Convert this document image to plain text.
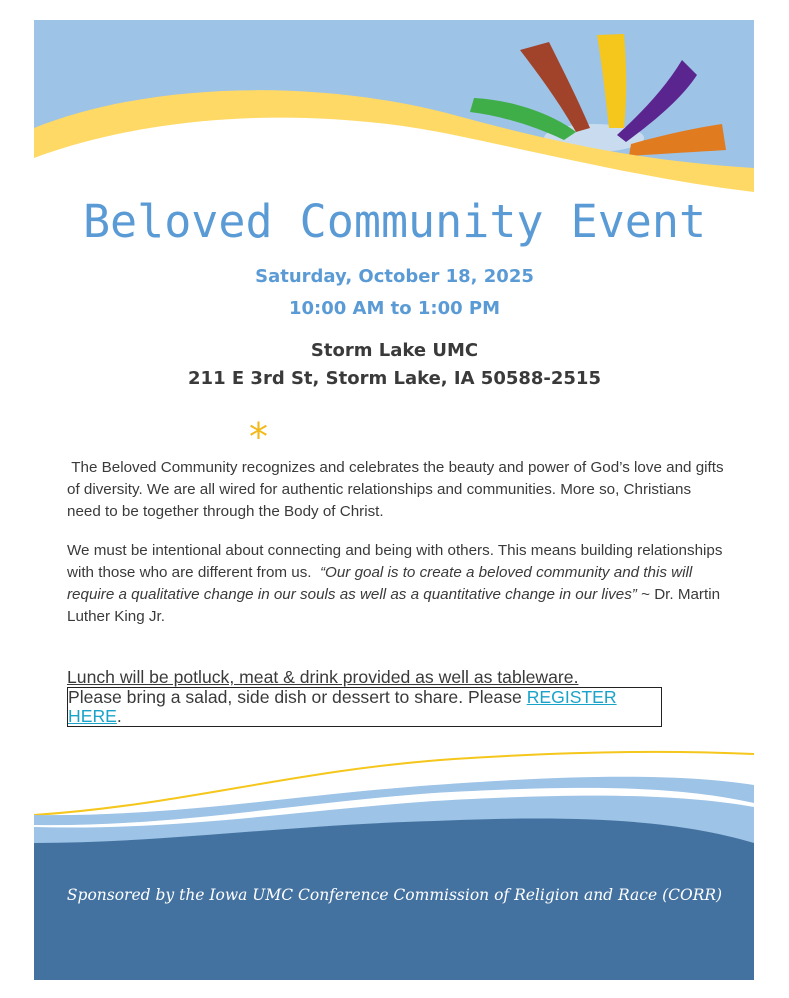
Beloved Community Event
Saturday, October 18, 2025
10:00 AM to 1:00 PM
Storm Lake UMC
211 E 3rd St, Storm Lake, IA 50588-2515
*

The Beloved Community recognizes and celebrates the beauty and power of God’s love and gifts of diversity. We are all wired for authentic relationships and communities. More so, Christians need to be together through the Body of Christ.

We must be intentional about connecting and being with others. This means building relationships with those who are different from us. “Our goal is to create a beloved community and this will require a qualitative change in our souls as well as a quantitative change in our lives” ~ Dr. Martin Luther King Jr.

Lunch will be potluck, meat & drink provided as well as tableware.
Please bring a salad, side dish or dessert to share. Please REGISTER HERE.
Sponsored by the Iowa UMC Conference Commission of Religion and Race (CORR)
